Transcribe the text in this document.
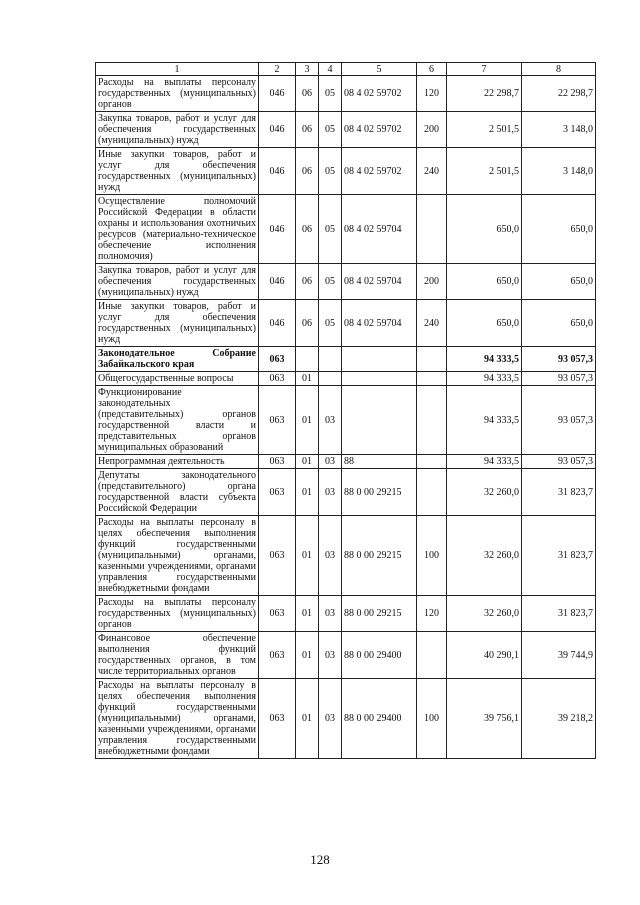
1	2	3	4	5	6	7	8
Расходы на выплаты персоналу государственных (муниципальных) органов	046	06	05	08 4 02 59702	120	22 298,7	22 298,7
Закупка товаров, работ и услуг для обеспечения государственных (муниципальных) нужд	046	06	05	08 4 02 59702	200	2 501,5	3 148,0
Иные закупки товаров, работ и услуг для обеспечения государственных (муниципальных) нужд	046	06	05	08 4 02 59702	240	2 501,5	3 148,0
Осуществление полномочий Российской Федерации в области охраны и использования охотничьих ресурсов (материально-техническое обеспечение исполнения полномочия)	046	06	05	08 4 02 59704		650,0	650,0
Закупка товаров, работ и услуг для обеспечения государственных (муниципальных) нужд	046	06	05	08 4 02 59704	200	650,0	650,0
Иные закупки товаров, работ и услуг для обеспечения государственных (муниципальных) нужд	046	06	05	08 4 02 59704	240	650,0	650,0
Законодательное Собрание Забайкальского края	063					94 333,5	93 057,3
Общегосударственные вопросы	063	01				94 333,5	93 057,3
Функционирование законодательных (представительных) органов государственной власти и представительных органов муниципальных образований	063	01	03			94 333,5	93 057,3
Непрограммная деятельность	063	01	03	88		94 333,5	93 057,3
Депутаты законодательного (представительного) органа государственной власти субъекта Российской Федерации	063	01	03	88 0 00 29215		32 260,0	31 823,7
Расходы на выплаты персоналу в целях обеспечения выполнения функций государственными (муниципальными) органами, казенными учреждениями, органами управления государственными внебюджетными фондами	063	01	03	88 0 00 29215	100	32 260,0	31 823,7
Расходы на выплаты персоналу государственных (муниципальных) органов	063	01	03	88 0 00 29215	120	32 260,0	31 823,7
Финансовое обеспечение выполнения функций государственных органов, в том числе территориальных органов	063	01	03	88 0 00 29400		40 290,1	39 744,9
Расходы на выплаты персоналу в целях обеспечения выполнения функций государственными (муниципальными) органами, казенными учреждениями, органами управления государственными внебюджетными фондами	063	01	03	88 0 00 29400	100	39 756,1	39 218,2
128
